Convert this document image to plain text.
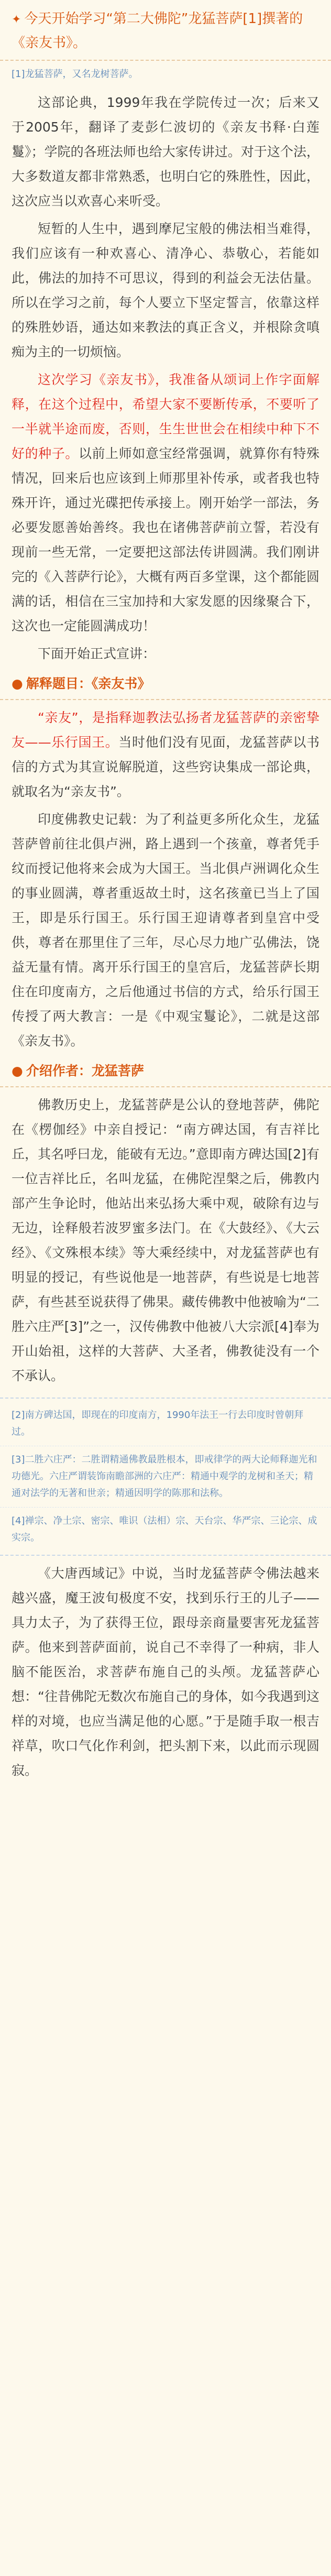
✦ 今天开始学习“第二大佛陀”龙猛菩萨[1]撰著的《亲友书》。

[1]龙猛菩萨，又名龙树菩萨。

这部论典，1999年我在学院传过一次；后来又于2005年，翻译了麦彭仁波切的《亲友书释·白莲鬘》；学院的各班法师也给大家传讲过。对于这个法，大多数道友都非常熟悉，也明白它的殊胜性，因此，这次应当以欢喜心来听受。

短暂的人生中，遇到摩尼宝般的佛法相当难得，我们应该有一种欢喜心、清净心、恭敬心，若能如此，佛法的加持不可思议，得到的利益会无法估量。所以在学习之前，每个人要立下坚定誓言，依靠这样的殊胜妙语，通达如来教法的真正含义，并根除贪嗔痴为主的一切烦恼。

这次学习《亲友书》，我准备从颂词上作字面解释，在这个过程中，希望大家不要断传承，不要听了一半就半途而废，否则，生生世世会在相续中种下不好的种子。以前上师如意宝经常强调，就算你有特殊情况，回来后也应该到上师那里补传承，或者我也特殊开许，通过光碟把传承接上。刚开始学一部法，务必要发愿善始善终。我也在诸佛菩萨前立誓，若没有现前一些无常，一定要把这部法传讲圆满。我们刚讲完的《入菩萨行论》，大概有两百多堂课，这个都能圆满的话，相信在三宝加持和大家发愿的因缘聚合下，这次也一定能圆满成功！

下面开始正式宣讲：

● 解释题目：《亲友书》

“亲友”，是指释迦教法弘扬者龙猛菩萨的亲密挚友——乐行国王。当时他们没有见面，龙猛菩萨以书信的方式为其宣说解脱道，这些窍诀集成一部论典，就取名为“亲友书”。

印度佛教史记载：为了利益更多所化众生，龙猛菩萨曾前往北俱卢洲，路上遇到一个孩童，尊者凭手纹而授记他将来会成为大国王。当北俱卢洲调化众生的事业圆满，尊者重返故土时，这名孩童已当上了国王，即是乐行国王。乐行国王迎请尊者到皇宫中受供，尊者在那里住了三年，尽心尽力地广弘佛法，饶益无量有情。离开乐行国王的皇宫后，龙猛菩萨长期住在印度南方，之后他通过书信的方式，给乐行国王传授了两大教言：一是《中观宝鬘论》，二就是这部《亲友书》。

● 介绍作者：龙猛菩萨

佛教历史上，龙猛菩萨是公认的登地菩萨，佛陀在《楞伽经》中亲自授记：“南方碑达国，有吉祥比丘，其名呼曰龙，能破有无边。”意即南方碑达国[2]有一位吉祥比丘，名叫龙猛，在佛陀涅槃之后，佛教内部产生争论时，他站出来弘扬大乘中观，破除有边与无边，诠释般若波罗蜜多法门。在《大鼓经》、《大云经》、《文殊根本续》等大乘经续中，对龙猛菩萨也有明显的授记，有些说他是一地菩萨，有些说是七地菩萨，有些甚至说获得了佛果。藏传佛教中他被喻为“二胜六庄严[3]”之一，汉传佛教中他被八大宗派[4]奉为开山始祖，这样的大菩萨、大圣者，佛教徒没有一个不承认。

[2]南方碑达国，即现在的印度南方，1990年法王一行去印度时曾朝拜过。

[3]二胜六庄严：二胜谓精通佛教最胜根本，即戒律学的两大论师释迦光和功德光。六庄严谓装饰南瞻部洲的六庄严：精通中观学的龙树和圣天；精通对法学的无著和世亲；精通因明学的陈那和法称。

[4]禅宗、净土宗、密宗、唯识（法相）宗、天台宗、华严宗、三论宗、成实宗。

《大唐西域记》中说，当时龙猛菩萨令佛法越来越兴盛，魔王波旬极度不安，找到乐行王的儿子——具力太子，为了获得王位，跟母亲商量要害死龙猛菩萨。他来到菩萨面前，说自己不幸得了一种病，非人脑不能医治，求菩萨布施自己的头颅。龙猛菩萨心想：“往昔佛陀无数次布施自己的身体，如今我遇到这样的对境，也应当满足他的心愿。”于是随手取一根吉祥草，吹口气化作利剑，把头割下来，以此而示现圆寂。
